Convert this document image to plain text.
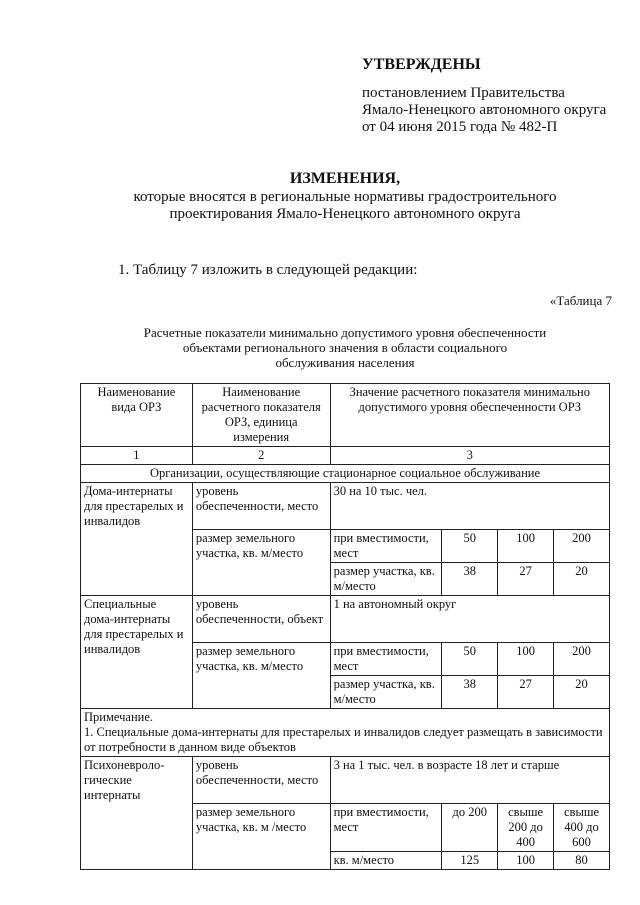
УТВЕРЖДЕНЫ
постановлением Правительства
Ямало-Ненецкого автономного округа
от 04 июня 2015 года № 482-П
ИЗМЕНЕНИЯ,
которые вносятся в региональные нормативы градостроительного
проектирования Ямало-Ненецкого автономного округа
1. Таблицу 7 изложить в следующей редакции:
«Таблица 7
Расчетные показатели минимально допустимого уровня обеспеченности
объектами регионального значения в области социального
обслуживания населения
Наименование вида ОРЗ	Наименование расчетного показателя ОРЗ, единица измерения	Значение расчетного показателя минимально допустимого уровня обеспеченности ОРЗ			
1	2	3			
Организации, осуществляющие стационарное социальное обслуживание					
Дома-интернаты для престарелых и инвалидов	уровень обеспеченности, место	30 на 10 тыс. чел.			
	размер земельного участка, кв. м/место	при вместимости, мест	50	100	200
		размер участка, кв. м/место	38	27	20
Специальные дома-интернаты для престарелых и инвалидов	уровень обеспеченности, объект	1 на автономный округ			
	размер земельного участка, кв. м/место	при вместимости, мест	50	100	200
		размер участка, кв. м/место	38	27	20

Примечание.
1. Специальные дома-интернаты для престарелых и инвалидов следует размещать в зависимости от потребности в данном виде объектов					

Психоневроло-гические интернаты	уровень обеспеченности, место	3 на 1 тыс. чел. в возрасте 18 лет и старше			
	размер земельного участка, кв. м /место	при вместимости, мест	до 200	свыше 200 до 400	свыше 400 до 600
		кв. м/место	125	100	80
